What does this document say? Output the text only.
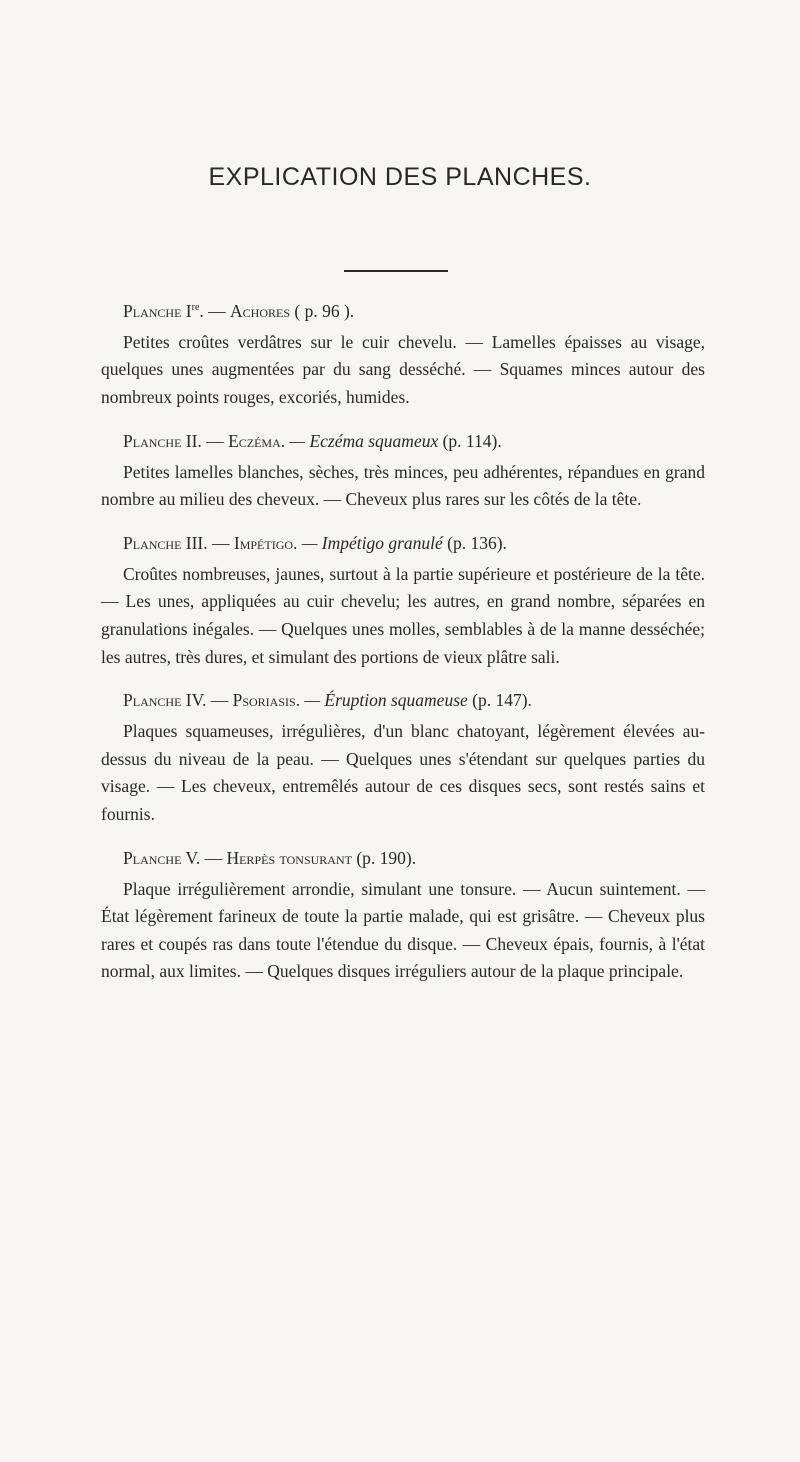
EXPLICATION DES PLANCHES.

Planche Ire. — Achores ( p. 96 ).

Petites croûtes verdâtres sur le cuir chevelu. — Lamelles épaisses au visage, quelques unes augmentées par du sang desséché. — Squames minces autour des nombreux points rouges, excoriés, humides.

Planche II. — Eczéma. — Eczéma squameux (p. 114).

Petites lamelles blanches, sèches, très minces, peu adhérentes, répandues en grand nombre au milieu des cheveux. — Cheveux plus rares sur les côtés de la tête.

Planche III. — Impétigo. — Impétigo granulé (p. 136).

Croûtes nombreuses, jaunes, surtout à la partie supérieure et postérieure de la tête. — Les unes, appliquées au cuir chevelu; les autres, en grand nombre, séparées en granulations inégales. — Quelques unes molles, semblables à de la manne desséchée; les autres, très dures, et simulant des portions de vieux plâtre sali.

Planche IV. — Psoriasis. — Éruption squameuse (p. 147).

Plaques squameuses, irrégulières, d'un blanc chatoyant, légèrement élevées au-dessus du niveau de la peau. — Quelques unes s'étendant sur quelques parties du visage. — Les cheveux, entremêlés autour de ces disques secs, sont restés sains et fournis.

Planche V. — Herpès tonsurant (p. 190).

Plaque irrégulièrement arrondie, simulant une tonsure. — Aucun suintement. — État légèrement farineux de toute la partie malade, qui est grisâtre. — Cheveux plus rares et coupés ras dans toute l'étendue du disque. — Cheveux épais, fournis, à l'état normal, aux limites. — Quelques disques irréguliers autour de la plaque principale.
